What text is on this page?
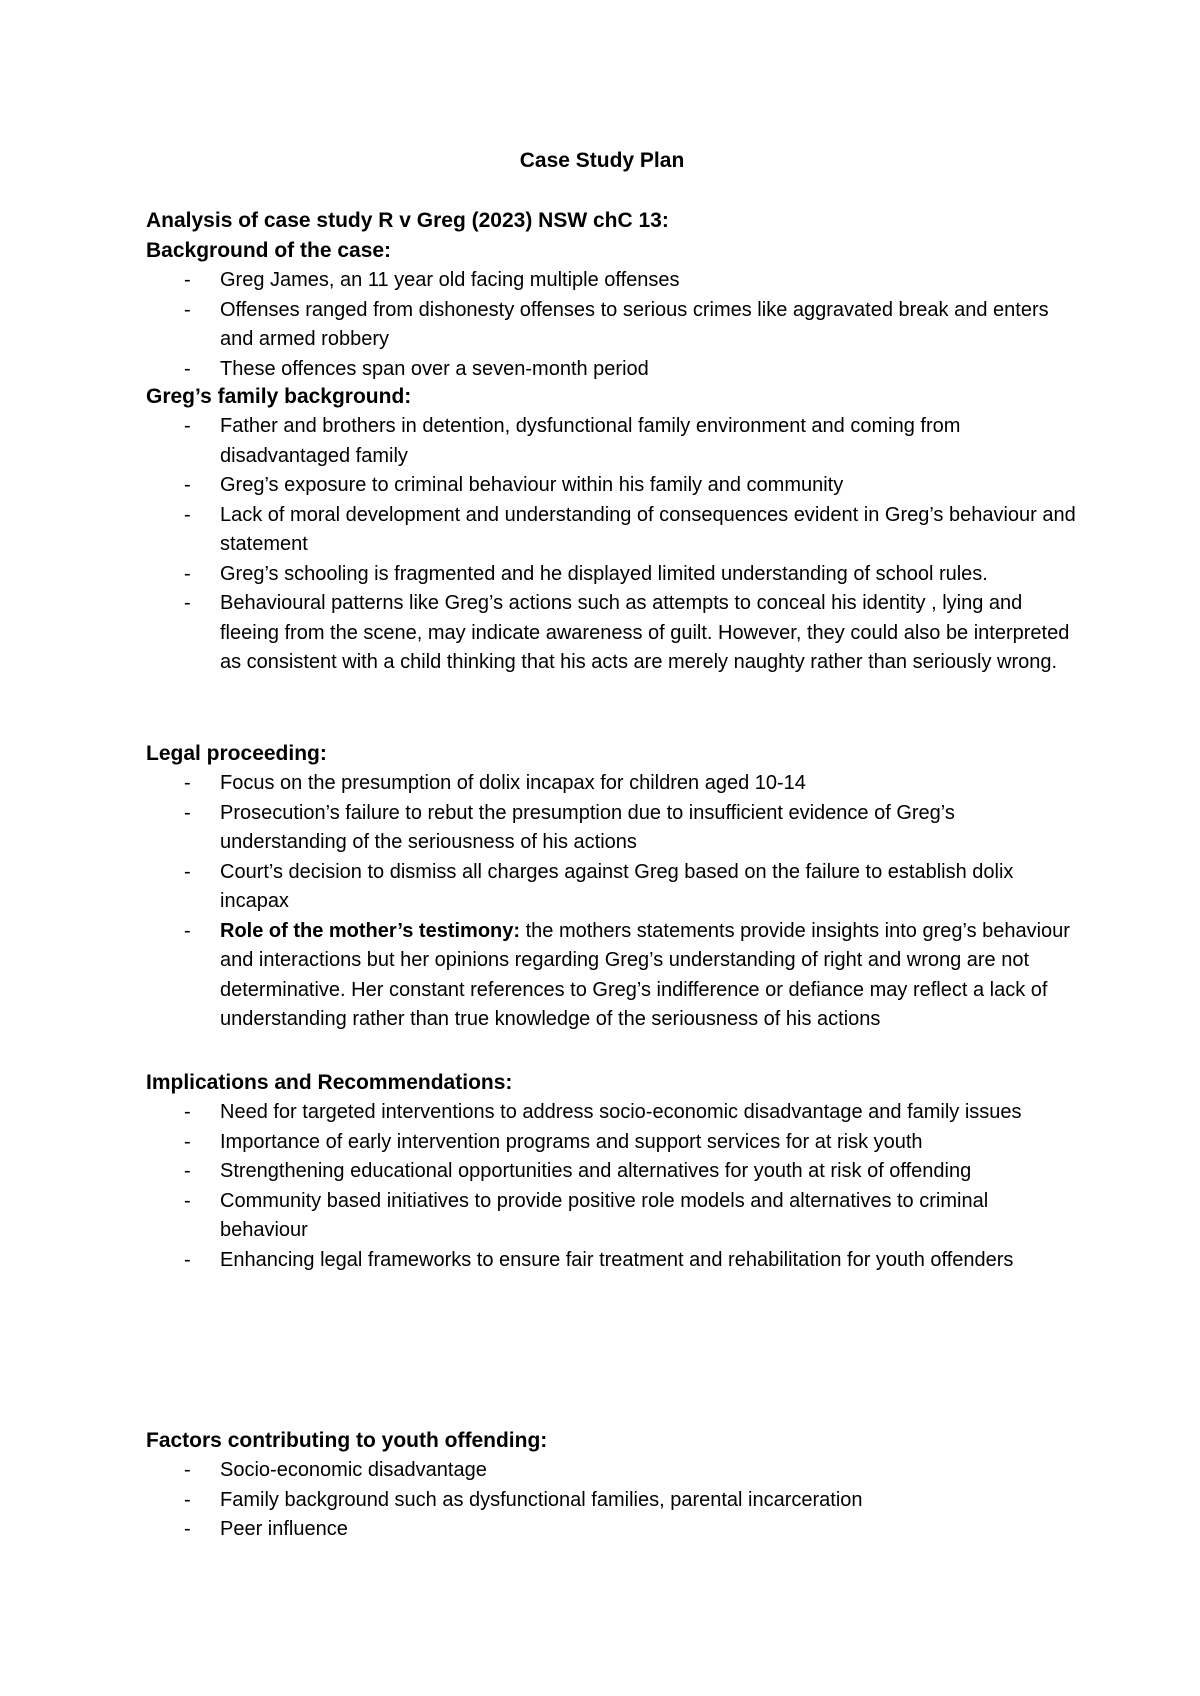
Case Study Plan

Analysis of case study R v Greg (2023) NSW chC 13:

Background of the case:

- Greg James, an 11 year old facing multiple offenses
- Offenses ranged from dishonesty offenses to serious crimes like aggravated break and enters and armed robbery
- These offences span over a seven-month period

Greg’s family background:

- Father and brothers in detention, dysfunctional family environment and coming from disadvantaged family
- Greg’s exposure to criminal behaviour within his family and community
- Lack of moral development and understanding of consequences evident in Greg’s behaviour and statement
- Greg’s schooling is fragmented and he displayed limited understanding of school rules.
- Behavioural patterns like Greg’s actions such as attempts to conceal his identity , lying and fleeing from the scene, may indicate awareness of guilt. However, they could also be interpreted as consistent with a child thinking that his acts are merely naughty rather than seriously wrong.

Legal proceeding:

- Focus on the presumption of dolix incapax for children aged 10-14
- Prosecution’s failure to rebut the presumption due to insufficient evidence of Greg’s understanding of the seriousness of his actions
- Court’s decision to dismiss all charges against Greg based on the failure to establish dolix incapax
- Role of the mother’s testimony: the mothers statements provide insights into greg’s behaviour and interactions but her opinions regarding Greg’s understanding of right and wrong are not determinative. Her constant references to Greg’s indifference or defiance may reflect a lack of understanding rather than true knowledge of the seriousness of his actions

Implications and Recommendations:

- Need for targeted interventions to address socio-economic disadvantage and family issues
- Importance of early intervention programs and support services for at risk youth
- Strengthening educational opportunities and alternatives for youth at risk of offending
- Community based initiatives to provide positive role models and alternatives to criminal behaviour
- Enhancing legal frameworks to ensure fair treatment and rehabilitation for youth offenders

Factors contributing to youth offending:

- Socio-economic disadvantage
- Family background such as dysfunctional families, parental incarceration
- Peer influence
